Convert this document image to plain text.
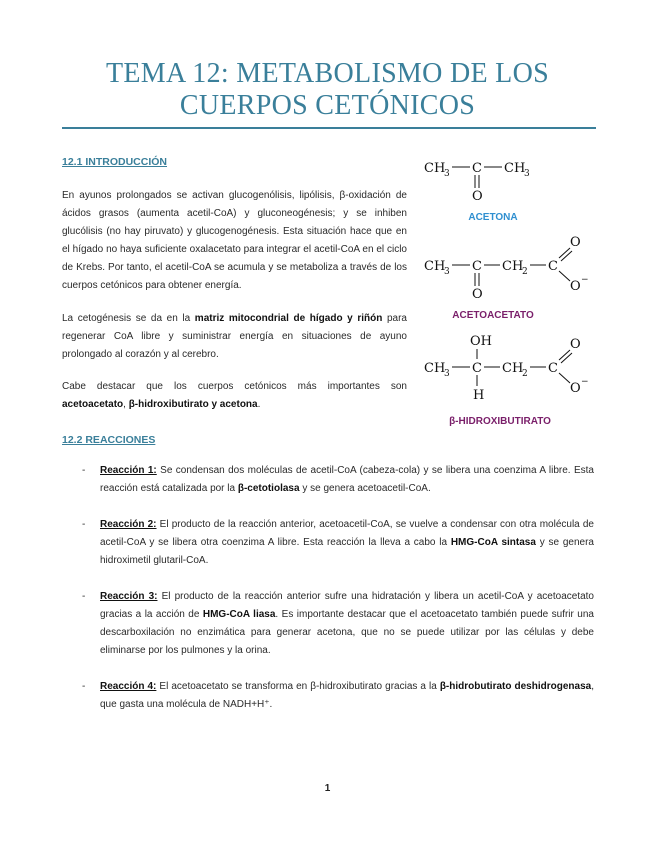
TEMA 12: METABOLISMO DE LOS
CUERPOS CETÓNICOS
12.1 INTRODUCCIÓN
En ayunos prolongados se activan glucogenólisis, lipólisis, β-oxidación de ácidos grasos (aumenta acetil-CoA) y gluconeogénesis; y se inhiben glucólisis (no hay piruvato) y glucogenogénesis. Esta situación hace que en el hígado no haya suficiente oxalacetato para integrar el acetil-CoA en el ciclo de Krebs. Por tanto, el acetil-CoA se acumula y se metaboliza a través de los cuerpos cetónicos para obtener energía.
La cetogénesis se da en la matriz mitocondrial de hígado y riñón para regenerar CoA libre y suministrar energía en situaciones de ayuno prolongado al corazón y al cerebro.
Cabe destacar que los cuerpos cetónicos más importantes son acetoacetato, β-hidroxibutirato y acetona.
CH
3 C CH
3
O
CH
3 C CH
2 C
O
O
O −
OH
CH
3 C CH
2 C
H
O
O −
ACETONA
ACETOACETATO
β-HIDROXIBUTIRATO
12.2 REACCIONES
- Reacción 1: Se condensan dos moléculas de acetil-CoA (cabeza-cola) y se libera una coenzima A libre. Esta reacción está catalizada por la β-cetotiolasa y se genera acetoacetil-CoA.
- Reacción 2: El producto de la reacción anterior, acetoacetil-CoA, se vuelve a condensar con otra molécula de acetil-CoA y se libera otra coenzima A libre. Esta reacción la lleva a cabo la HMG-CoA sintasa y se genera hidroximetil glutaril-CoA.
- Reacción 3: El producto de la reacción anterior sufre una hidratación y libera un acetil-CoA y acetoacetato gracias a la acción de HMG-CoA liasa. Es importante destacar que el acetoacetato también puede sufrir una descarboxilación no enzimática para generar acetona, que no se puede utilizar por las células y debe eliminarse por los pulmones y la orina.
- Reacción 4: El acetoacetato se transforma en β-hidroxibutirato gracias a la β-hidrobutirato deshidrogenasa, que gasta una molécula de NADH+H⁺.
1
